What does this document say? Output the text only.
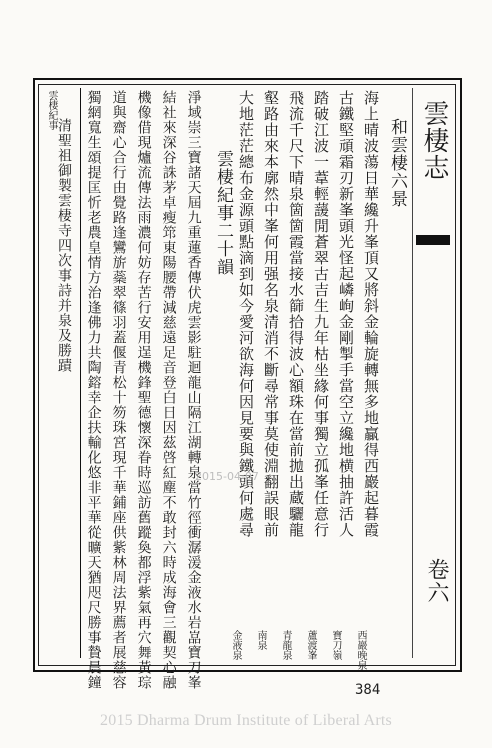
雲棲志
卷六
和雲棲六景
海上晴波蕩日華纔升峯頂又將斜金輪旋轉無多地贏得西巖起暮霞
西巖晚泉
古鐵堅頑霜刃新峯頭光怪起嶙峋金剛掣手當空立纔地横抽許活人
寶刀嶺
踏破江波一葦輕蘐閒蒼翠古吉生九年枯坐緣何事獨立孤峯任意行
蘆渡峯
飛流千尺下晴泉箇箇霞當接水篩拾得波心額珠在當前拋出蔵驪龍
青龍泉
壑路由來本廓然中峯何用强名泉清消不斷尋常事莫使淵翻誤眼前
南泉
大地茫茫總布金源頭點滴到如今愛河欲海何因見要與鐵頭何處尋
金液泉
雲棲紀事二十韻
淨域崇三寶諸天屆九重蓮香傳伏虎雲影駐迴龍山隔江湖轉泉當竹徑衝潺湲金液水岩嵓寶刀峯
結社來深谷誅茅卓瘦筇東陽腰帶減慈遠足音登白日因茲啓紅塵不敢封六時成海會三觀契心融
機像借現爐流傳法雨濃何妨存苦行安用逞機鋒聖德懷深眷時巡訪舊蹤奐都浮紫氣再穴舞黃琮
道與齋心合行由覺路逢鸞旂蘂翠篠羽蓋偃青松十笏珠宮現千華鋪座供紫林周法界薦者展慈容
獨網寬生頌提匡忻老農皇情方治逢佛力共陶鎔幸企扶輸化悠非平華從曠天猶咫尺勝事贄晨鐘
清聖祖御製雲棲寺四次事詩并泉及勝蹟
雲棲紀事
2015-04-07
384
2015 Dharma Drum Institute of Liberal Arts
